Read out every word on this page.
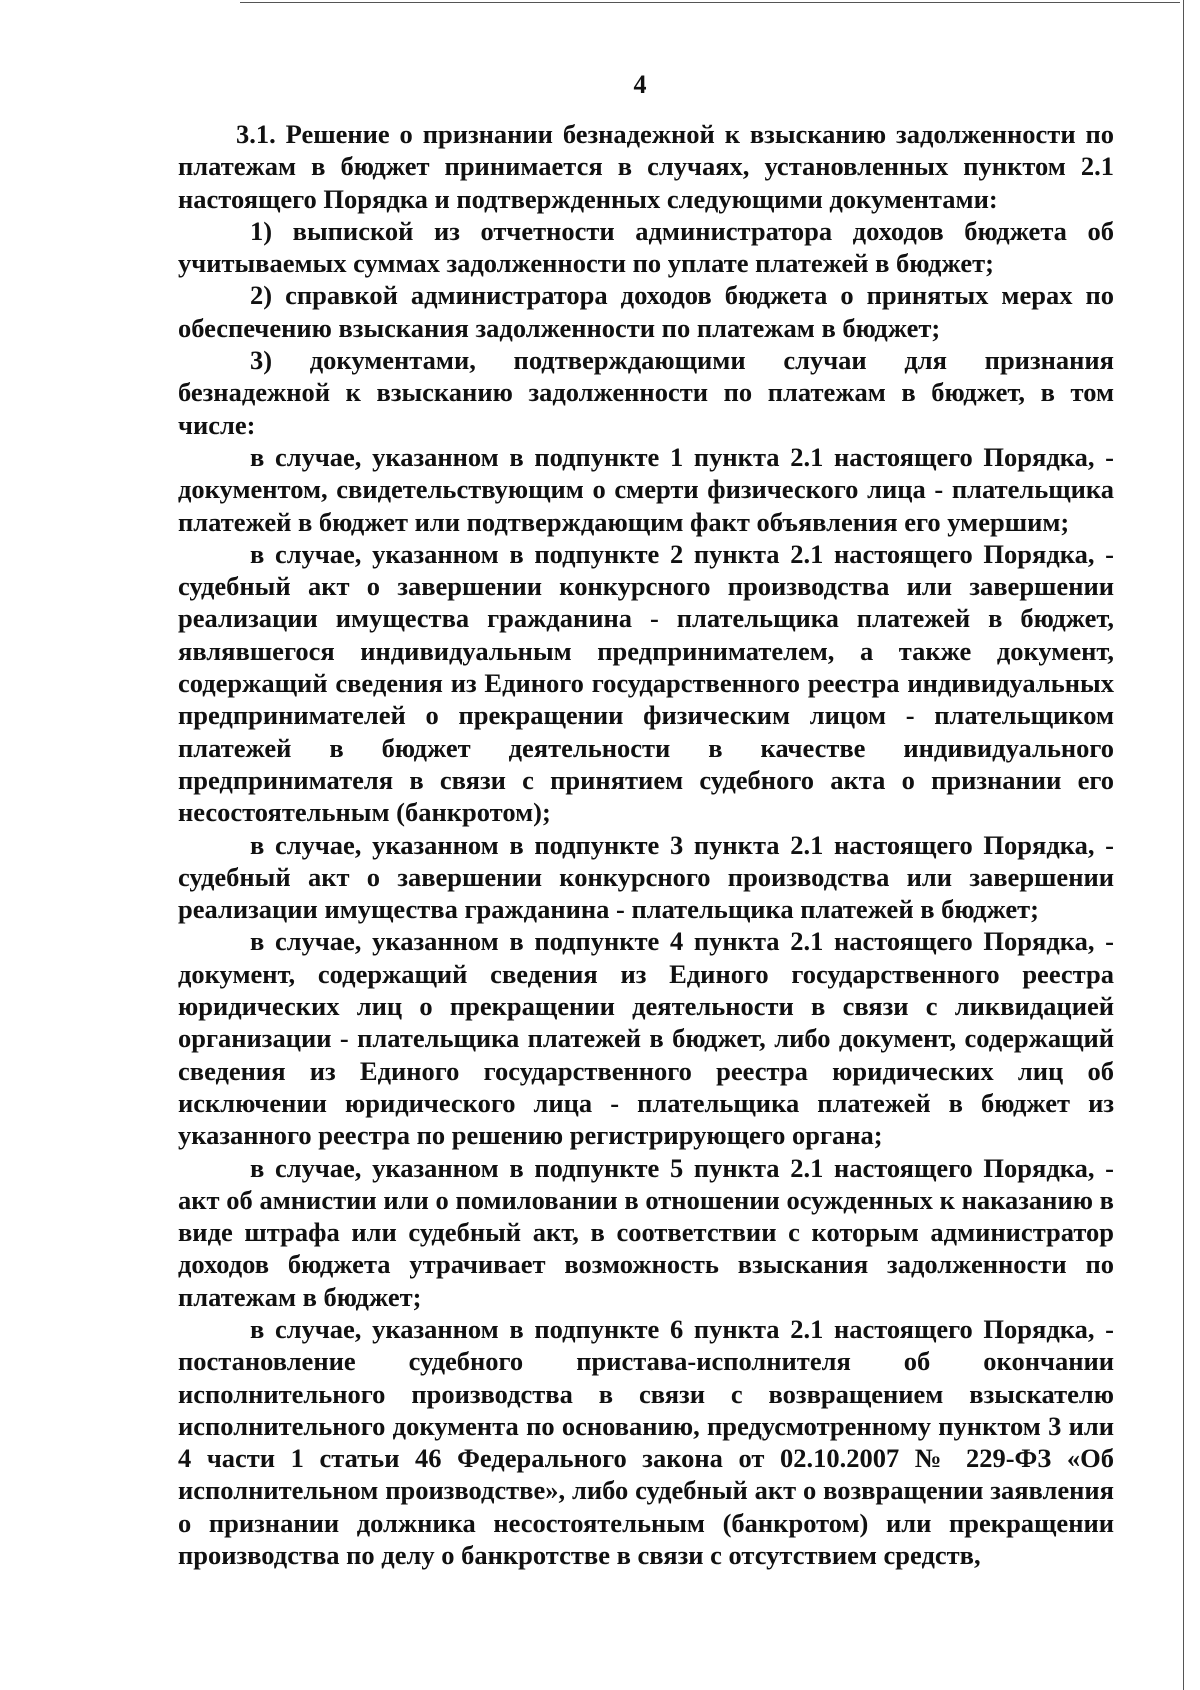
4

3.1. Решение о признании безнадежной к взысканию задолженности по платежам в бюджет принимается в случаях, установленных пунктом 2.1 настоящего Порядка и подтвержденных следующими документами:

1) выпиской из отчетности администратора доходов бюджета об учитываемых суммах задолженности по уплате платежей в бюджет;

2) справкой администратора доходов бюджета о принятых мерах по обеспечению взыскания задолженности по платежам в бюджет;

3) документами, подтверждающими случаи для признания безнадежной к взысканию задолженности по платежам в бюджет, в том числе:

в случае, указанном в подпункте 1 пункта 2.1 настоящего Порядка, - документом, свидетельствующим о смерти физического лица - плательщика платежей в бюджет или подтверждающим факт объявления его умершим;

в случае, указанном в подпункте 2 пункта 2.1 настоящего Порядка, - судебный акт о завершении конкурсного производства или завершении реализации имущества гражданина - плательщика платежей в бюджет, являвшегося индивидуальным предпринимателем, а также документ, содержащий сведения из Единого государственного реестра индивидуальных предпринимателей о прекращении физическим лицом - плательщиком платежей в бюджет деятельности в качестве индивидуального предпринимателя в связи с принятием судебного акта о признании его несостоятельным (банкротом);

в случае, указанном в подпункте 3 пункта 2.1 настоящего Порядка, - судебный акт о завершении конкурсного производства или завершении реализации имущества гражданина - плательщика платежей в бюджет;

в случае, указанном в подпункте 4 пункта 2.1 настоящего Порядка, - документ, содержащий сведения из Единого государственного реестра юридических лиц о прекращении деятельности в связи с ликвидацией организации - плательщика платежей в бюджет, либо документ, содержащий сведения из Единого государственного реестра юридических лиц об исключении юридического лица - плательщика платежей в бюджет из указанного реестра по решению регистрирующего органа;

в случае, указанном в подпункте 5 пункта 2.1 настоящего Порядка, - акт об амнистии или о помиловании в отношении осужденных к наказанию в виде штрафа или судебный акт, в соответствии с которым администратор доходов бюджета утрачивает возможность взыскания задолженности по платежам в бюджет;

в случае, указанном в подпункте 6 пункта 2.1 настоящего Порядка, - постановление судебного пристава-исполнителя об окончании исполнительного производства в связи с возвращением взыскателю исполнительного документа по основанию, предусмотренному пунктом 3 или 4 части 1 статьи 46 Федерального закона от 02.10.2007 № 229-ФЗ «Об исполнительном производстве», либо судебный акт о возвращении заявления о признании должника несостоятельным (банкротом) или прекращении производства по делу о банкротстве в связи с отсутствием средств,
